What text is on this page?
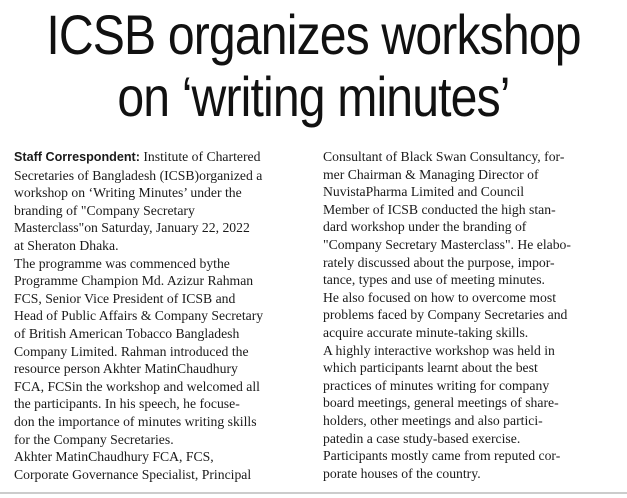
ICSB organizes workshop
on ‘writing minutes’

Staff Correspondent: Institute of Chartered

Secretaries of Bangladesh (ICSB)organized a

workshop on ‘Writing Minutes’ under the

branding of "Company Secretary

Masterclass"on Saturday, January 22, 2022

at Sheraton Dhaka.

The programme was commenced bythe

Programme Champion Md. Azizur Rahman

FCS, Senior Vice President of ICSB and

Head of Public Affairs & Company Secretary

of British American Tobacco Bangladesh

Company Limited. Rahman introduced the

resource person Akhter MatinChaudhury

FCA, FCSin the workshop and welcomed all

the participants. In his speech, he focuse-

don the importance of minutes writing skills

for the Company Secretaries.

Akhter MatinChaudhury FCA, FCS,

Corporate Governance Specialist, Principal

Consultant of Black Swan Consultancy, for-

mer Chairman & Managing Director of

NuvistaPharma Limited and Council

Member of ICSB conducted the high stan-

dard workshop under the branding of

"Company Secretary Masterclass". He elabo-

rately discussed about the purpose, impor-

tance, types and use of meeting minutes.

He also focused on how to overcome most

problems faced by Company Secretaries and

acquire accurate minute-taking skills.

A highly interactive workshop was held in

which participants learnt about the best

practices of minutes writing for company

board meetings, general meetings of share-

holders, other meetings and also partici-

patedin a case study-based exercise.

Participants mostly came from reputed cor-

porate houses of the country.
